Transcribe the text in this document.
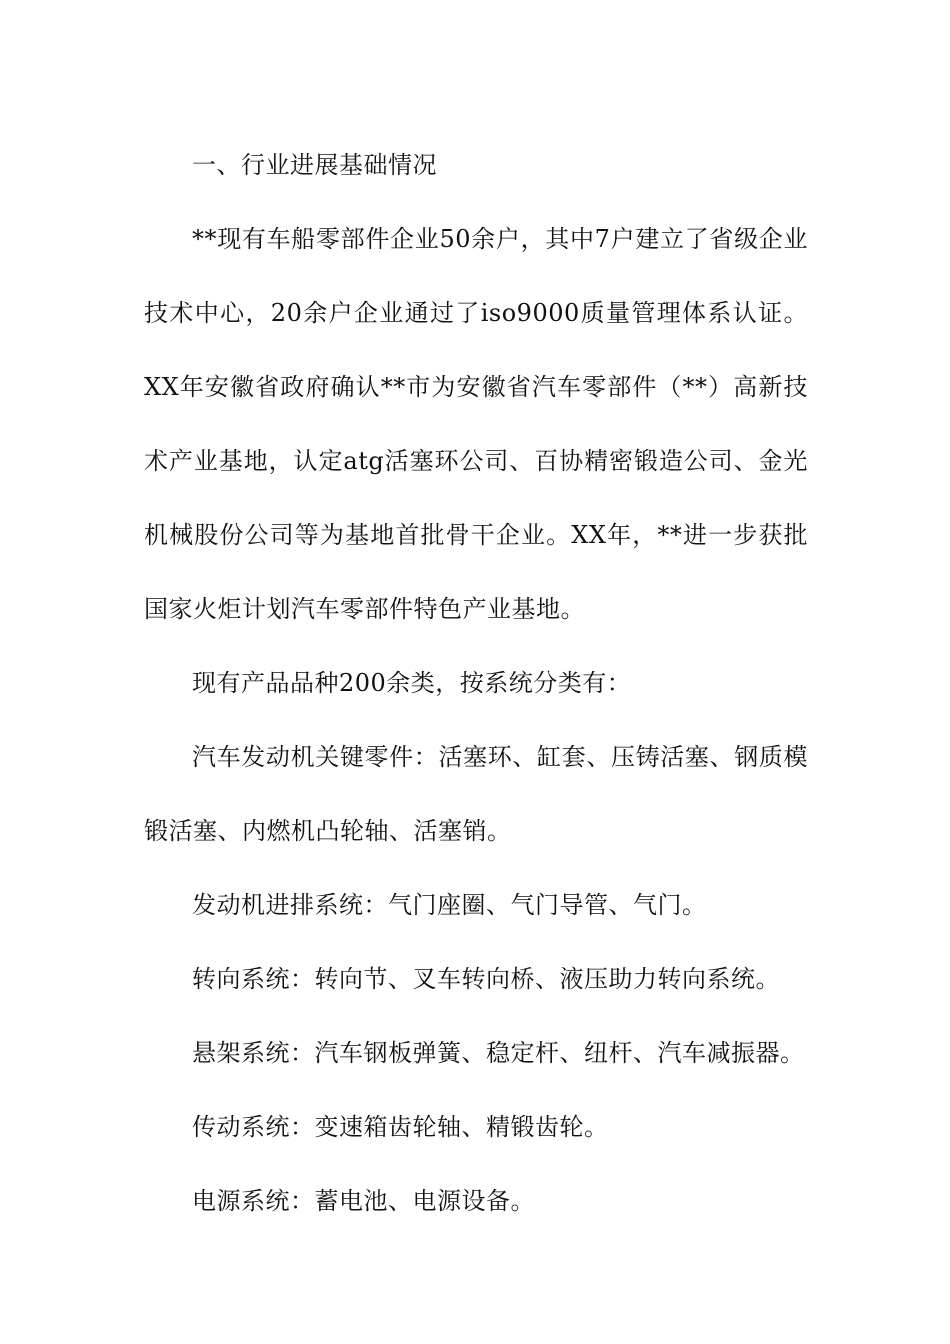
一、行业进展基础情况

**现有车船零部件企业50余户，其中7户建立了省级企业技术中心，20余户企业通过了iso9000质量管理体系认证。XX年安徽省政府确认**市为安徽省汽车零部件（**）高新技术产业基地，认定atg活塞环公司、百协精密锻造公司、金光机械股份公司等为基地首批骨干企业。XX年，**进一步获批国家火炬计划汽车零部件特色产业基地。

现有产品品种200余类，按系统分类有：

汽车发动机关键零件：活塞环、缸套、压铸活塞、钢质模锻活塞、内燃机凸轮轴、活塞销。

发动机进排系统：气门座圈、气门导管、气门。

转向系统：转向节、叉车转向桥、液压助力转向系统。

悬架系统：汽车钢板弹簧、稳定杆、纽杆、汽车减振器。

传动系统：变速箱齿轮轴、精锻齿轮。

电源系统：蓄电池、电源设备。
